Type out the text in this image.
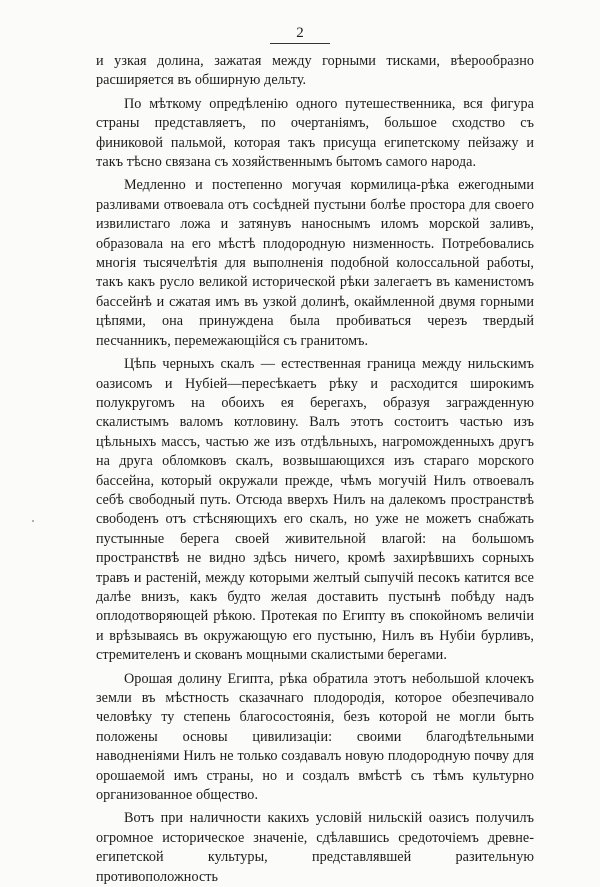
2

и узкая долина, зажатая между горными тисками, вѣерообразно расширяется въ обширную дельту.

По мѣткому опредѣленію одного путешественника, вся фигура страны представляетъ, по очертаніямъ, большое сходство съ финиковой пальмой, которая такъ присуща египетскому пейзажу и такъ тѣсно связана съ хозяйственнымъ бытомъ самого народа.

Медленно и постепенно могучая кормилица-рѣка ежегодными разливами отвоевала отъ сосѣдней пустыни болѣе простора для своего извилистаго ложа и затянувъ наноснымъ иломъ морской заливъ, образовала на его мѣстѣ плодородную низменность. Потребовались многія тысячелѣтія для выполненія подобной колоссальной работы, такъ какъ русло великой исторической рѣки залегаетъ въ каменистомъ бассейнѣ и сжатая имъ въ узкой долинѣ, окаймленной двумя горными цѣпями, она принуждена была пробиваться черезъ твердый песчанникъ, перемежающійся съ гранитомъ.

Цѣпь черныхъ скалъ — естественная граница между нильскимъ оазисомъ и Нубіей—пересѣкаетъ рѣку и расходится широкимъ полукругомъ на обоихъ ея берегахъ, образуя загражденную скалистымъ валомъ котловину. Валъ этотъ состоитъ частью изъ цѣльныхъ массъ, частью же изъ отдѣльныхъ, нагроможденныхъ другъ на друга обломковъ скалъ, возвышающихся изъ стараго морского бассейна, который окружали прежде, чѣмъ могучій Нилъ отвоевалъ себѣ свободный путь. Отсюда вверхъ Нилъ на далекомъ пространствѣ свободенъ отъ стѣсняющихъ его скалъ, но уже не можетъ снабжать пустынные берега своей живительной влагой: на большомъ пространствѣ не видно здѣсь ничего, кромѣ захирѣвшихъ сорныхъ травъ и растеній, между которыми желтый сыпучій песокъ катится все далѣе внизъ, какъ будто желая доставить пустынѣ побѣду надъ оплодотворяющей рѣкою. Протекая по Египту въ спокойномъ величіи и врѣзываясь въ окружающую его пустыню, Нилъ въ Нубіи бурливъ, стремителенъ и скованъ мощными скалистыми берегами.

Орошая долину Египта, рѣка обратила этотъ небольшой клочекъ земли въ мѣстность сказачнаго плодородія, которое обезпечивало человѣку ту степень благосостоянія, безъ которой не могли быть положены основы цивилизаціи: своими благодѣтельными наводненіями Нилъ не только создавалъ новую плодородную почву для орошаемой имъ страны, но и создалъ вмѣстѣ съ тѣмъ культурно организованное общество.

Вотъ при наличности какихъ условій нильскій оазисъ получилъ огромное историческое значеніе, сдѣлавшись средоточіемъ древне-египетской культуры, представлявшей разительную противоположность
